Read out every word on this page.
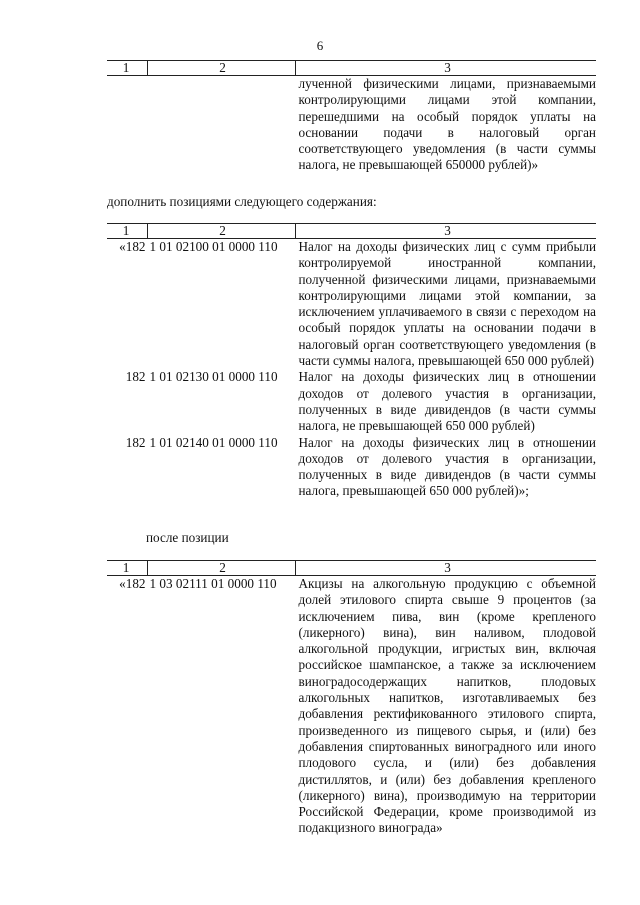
6
1	2	3
		лученной физическими лицами, признаваемыми контролирующими лицами этой компании, перешедшими на особый порядок уплаты на основании подачи в налоговый орган соответствующего уведомления (в части суммы налога, не превышающей 650000 рублей)»
дополнить позициями следующего содержания:
1	2	3
«182	1 01 02100 01 0000 110	Налог на доходы физических лиц с сумм прибыли контролируемой иностранной компании, полученной физическими лицами, признаваемыми контролирующими лицами этой компании, за исключением уплачиваемого в связи с переходом на особый порядок уплаты на основании подачи в налоговый орган соответствующего уведомления (в части суммы налога, превышающей 650 000 рублей)
182	1 01 02130 01 0000 110	Налог на доходы физических лиц в отношении доходов от долевого участия в организации, полученных в виде дивидендов (в части суммы налога, не превышающей 650 000 рублей)
182	1 01 02140 01 0000 110	Налог на доходы физических лиц в отношении доходов от долевого участия в организации, полученных в виде дивидендов (в части суммы налога, превышающей 650 000 рублей)»;
после позиции
1	2	3
«182	1 03 02111 01 0000 110	Акцизы на алкогольную продукцию с объемной долей этилового спирта свыше 9 процентов (за исключением пива, вин (кроме крепленого (ликерного) вина), вин наливом, плодовой алкогольной продукции, игристых вин, включая российское шампанское, а также за исключением виноградосодержащих напитков, плодовых алкогольных напитков, изготавливаемых без добавления ректификованного этилового спирта, произведенного из пищевого сырья, и (или) без добавления спиртованных виноградного или иного плодового сусла, и (или) без добавления дистиллятов, и (или) без добавления крепленого (ликерного) вина), производимую на территории Российской Федерации, кроме производимой из подакцизного винограда»
